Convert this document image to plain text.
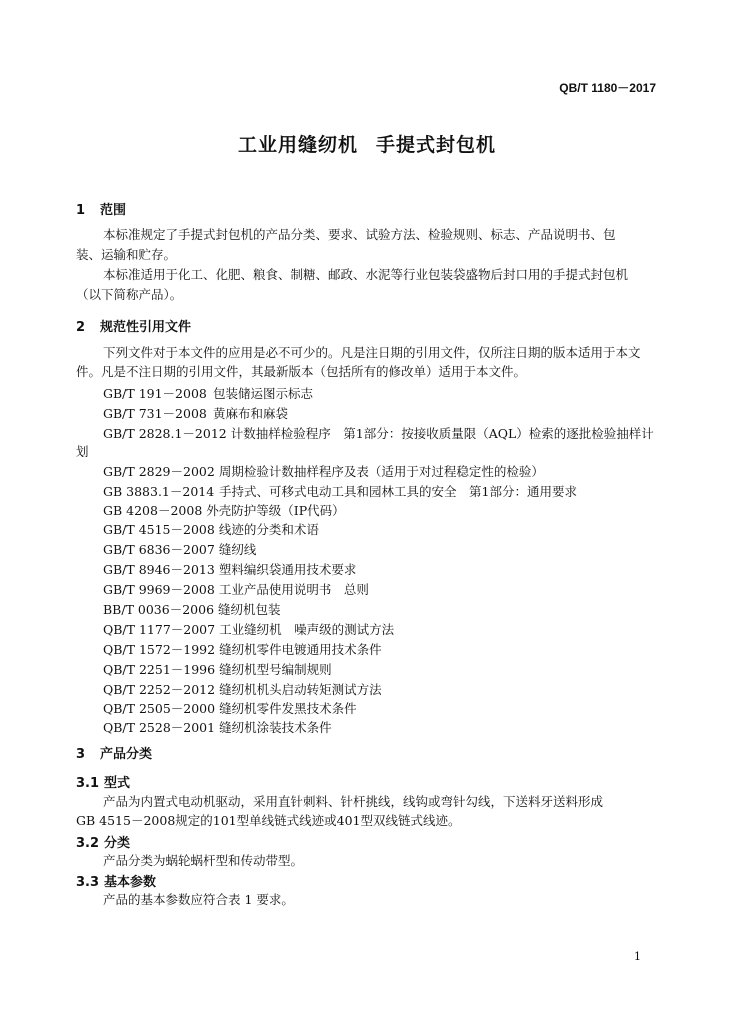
QB/T 1180－2017
工业用缝纫机 手提式封包机
1 范围
本标准规定了手提式封包机的产品分类、要求、试验方法、检验规则、标志、产品说明书、包
装、运输和贮存。
本标准适用于化工、化肥、粮食、制糖、邮政、水泥等行业包装袋盛物后封口用的手提式封包机
（以下简称产品）。
2 规范性引用文件
下列文件对于本文件的应用是必不可少的。凡是注日期的引用文件，仅所注日期的版本适用于本文
件。凡是不注日期的引用文件，其最新版本（包括所有的修改单）适用于本文件。
GB/T 191－2008 包装储运图示标志
GB/T 731－2008 黄麻布和麻袋
GB/T 2828.1－2012 计数抽样检验程序　第1部分：按接收质量限（AQL）检索的逐批检验抽样计
划
GB/T 2829－2002 周期检验计数抽样程序及表（适用于对过程稳定性的检验）
GB 3883.1－2014 手持式、可移式电动工具和园林工具的安全　第1部分：通用要求
GB 4208－2008 外壳防护等级（IP代码）
GB/T 4515－2008 线迹的分类和术语
GB/T 6836－2007 缝纫线
GB/T 8946－2013 塑料编织袋通用技术要求
GB/T 9969－2008 工业产品使用说明书　总则
BB/T 0036－2006 缝纫机包装
QB/T 1177－2007 工业缝纫机　噪声级的测试方法
QB/T 1572－1992 缝纫机零件电镀通用技术条件
QB/T 2251－1996 缝纫机型号编制规则
QB/T 2252－2012 缝纫机机头启动转矩测试方法
QB/T 2505－2000 缝纫机零件发黑技术条件
QB/T 2528－2001 缝纫机涂装技术条件
3 产品分类
3.1 型式
产品为内置式电动机驱动，采用直针刺料、针杆挑线，线钩或弯针勾线，下送料牙送料形成
GB 4515－2008规定的101型单线链式线迹或401型双线链式线迹。
3.2 分类
产品分类为蜗轮蜗杆型和传动带型。
3.3 基本参数
产品的基本参数应符合表 1 要求。
1
